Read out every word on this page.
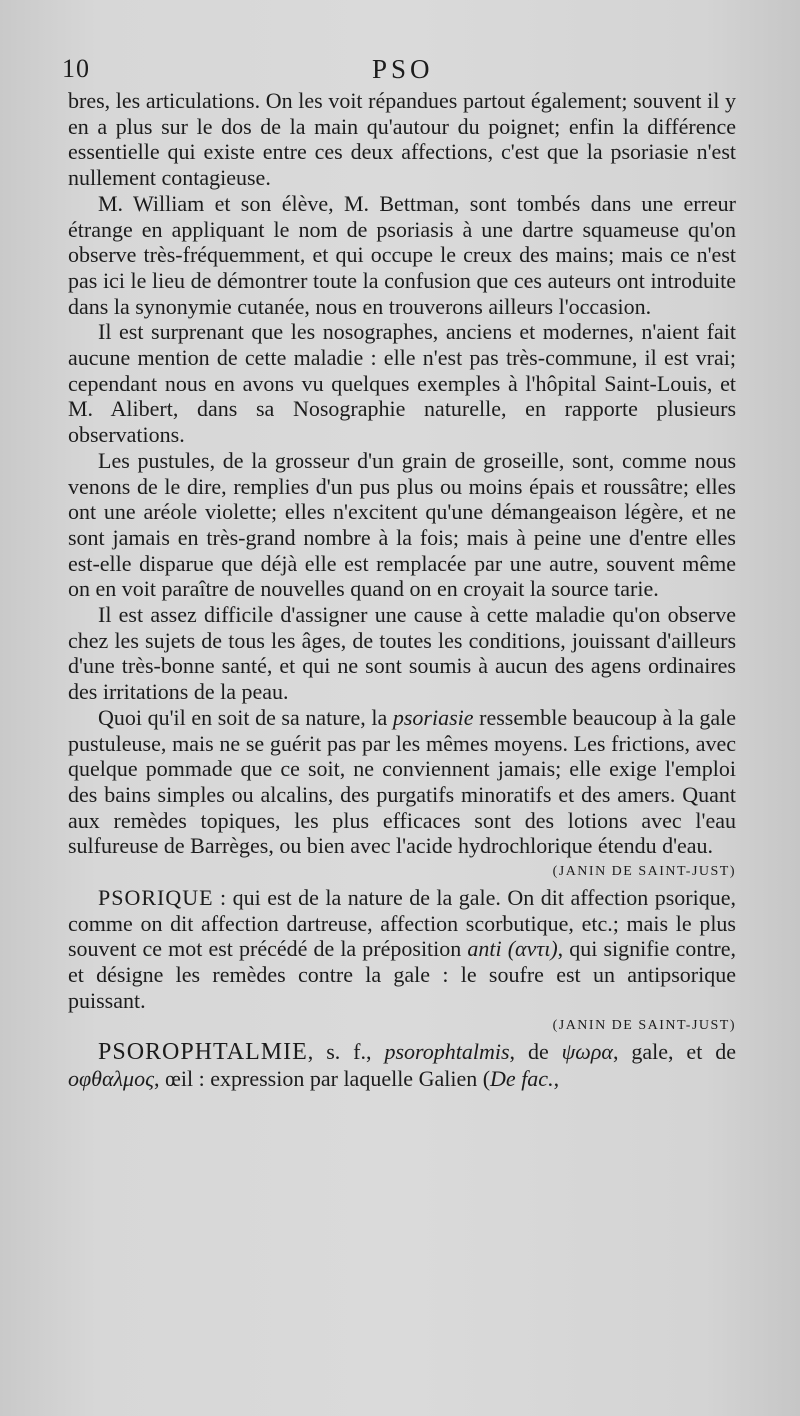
10	PSO

bres, les articulations. On les voit répandues partout également; souvent il y en a plus sur le dos de la main qu'autour du poignet; enfin la différence essentielle qui existe entre ces deux affections, c'est que la psoriasie n'est nullement contagieuse.

M. William et son élève, M. Bettman, sont tombés dans une erreur étrange en appliquant le nom de psoriasis à une dartre squameuse qu'on observe très-fréquemment, et qui occupe le creux des mains; mais ce n'est pas ici le lieu de démontrer toute la confusion que ces auteurs ont introduite dans la synonymie cutanée, nous en trouverons ailleurs l'occasion.

Il est surprenant que les nosographes, anciens et modernes, n'aient fait aucune mention de cette maladie : elle n'est pas très-commune, il est vrai; cependant nous en avons vu quelques exemples à l'hôpital Saint-Louis, et M. Alibert, dans sa Nosographie naturelle, en rapporte plusieurs observations.

Les pustules, de la grosseur d'un grain de groseille, sont, comme nous venons de le dire, remplies d'un pus plus ou moins épais et roussâtre; elles ont une aréole violette; elles n'excitent qu'une démangeaison légère, et ne sont jamais en très-grand nombre à la fois; mais à peine une d'entre elles est-elle disparue que déjà elle est remplacée par une autre, souvent même on en voit paraître de nouvelles quand on en croyait la source tarie.

Il est assez difficile d'assigner une cause à cette maladie qu'on observe chez les sujets de tous les âges, de toutes les conditions, jouissant d'ailleurs d'une très-bonne santé, et qui ne sont soumis à aucun des agens ordinaires des irritations de la peau.

Quoi qu'il en soit de sa nature, la psoriasie ressemble beaucoup à la gale pustuleuse, mais ne se guérit pas par les mêmes moyens. Les frictions, avec quelque pommade que ce soit, ne conviennent jamais; elle exige l'emploi des bains simples ou alcalins, des purgatifs minoratifs et des amers. Quant aux remèdes topiques, les plus efficaces sont des lotions avec l'eau sulfureuse de Barrèges, ou bien avec l'acide hydrochlorique étendu d'eau.

(JANIN DE SAINT-JUST)

PSORIQUE : qui est de la nature de la gale. On dit affection psorique, comme on dit affection dartreuse, affection scorbutique, etc.; mais le plus souvent ce mot est précédé de la préposition anti (αντι), qui signifie contre, et désigne les remèdes contre la gale : le soufre est un antipsorique puissant.

(JANIN DE SAINT-JUST)

PSOROPHTALMIE, s. f., psorophtalmis, de ψωρα, gale, et de οφθαλμος, œil : expression par laquelle Galien (De fac.,
